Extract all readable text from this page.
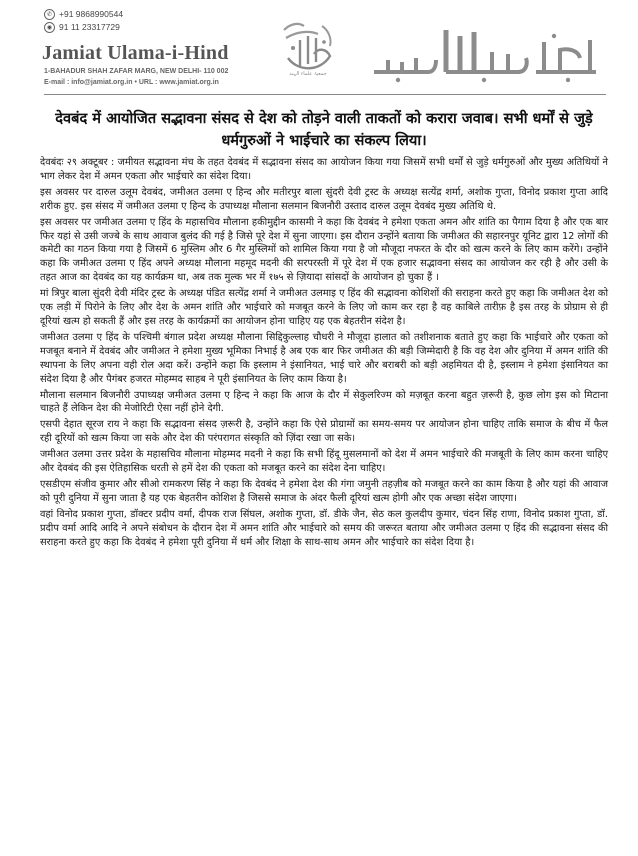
✆ +91 9868990544
◉ 91 11 23317729
Jamiat Ulama-i-Hind
1-BAHADUR SHAH ZAFAR MARG, NEW DELHI- 110 002
E-mail : info@jamiat.org.in • URL : www.jamiat.org.in
جمعیۃ علماء الہند
देवबंद में आयोजित सद्भावना संसद से देश को तोड़ने वाली ताकतों को करारा जवाब। सभी धर्मों से जुड़े धर्मगुरुओं ने भाईचारे का संकल्प लिया।

देवबंदः २९ अक्टूबर : जमीयत सद्भावना मंच के तहत देवबंद में सद्भावना संसद का आयोजन किया गया जिसमें सभी धर्मों से जुड़े धर्मगुरुओं और मुख्य अतिथियों ने भाग लेकर देश में अमन एकता और भाईचारे का संदेश दिया।

इस अवसर पर दारुल उलूम देवबंद, जमीअत उलमा ए हिन्द और मतीरपुर बाला सुंदरी देवी ट्रस्ट के अध्यक्ष सत्येंद्र शर्मा, अशोक गुप्ता, विनोद प्रकाश गुप्ता आदि शरीक हुए. इस संसद में जमीअत उलमा ए हिन्द के उपाध्यक्ष मौलाना सलमान बिजनौरी उस्ताद दारुल उलूम देवबंद मुख्य अतिथि थे.

इस अवसर पर जमीअत उलमा ए हिंद के महासचिव मौलाना हकीमुद्दीन कासमी ने कहा कि देवबंद ने हमेशा एकता अमन और शांति का पैगाम दिया है और एक बार फिर यहां से उसी जज्बे के साथ आवाज बुलंद की गई है जिसे पूरे देश में सुना जाएगा। इस दौरान उन्होंने बताया कि जमीअत की सहारनपुर यूनिट द्वारा 12 लोगों की कमेटी का गठन किया गया है जिसमें 6 मुस्लिम और 6 गैर मुस्लिमों को शामिल किया गया है जो मौजूदा नफरत के दौर को खत्म करने के लिए काम करेंगे। उन्होंने कहा कि जमीअत उलमा ए हिंद अपने अध्यक्ष मौलाना महमूद मदनी की सरपरस्ती में पूरे देश में एक हजार सद्भावना संसद का आयोजन कर रही है और उसी के तहत आज का देवबंद का यह कार्यक्रम था, अब तक मुल्क भर में १७५ से ज़ियादा सांसदों के आयोजन हो चुका हैं ।

मां त्रिपुर बाला सुंदरी देवी मंदिर ट्रस्ट के अध्यक्ष पंडित सत्येंद्र शर्मा ने जमीअत उलमाइ ए हिंद की सद्भावना कोशिशों की सराहना करते हुए कहा कि जमीअत देश को एक लड़ी में पिरोने के लिए और देश के अमन शांति और भाईचारे को मजबूत करने के लिए जो काम कर रहा है वह काबिले तारीफ़ है इस तरह के प्रोग्राम से ही दूरियां खत्म हो सकती हैं और इस तरह के कार्यक्रमों का आयोजन होना चाहिए यह एक बेहतरीन संदेश है।

जमीअत उलमा ए हिंद के पश्चिमी बंगाल प्रदेश अध्यक्ष मौलाना सिद्दिकुल्लाह चौधरी ने मौजूदा हालात को तशीशनाक बताते हुए कहा कि भाईचारे और एकता को मजबूत बनाने में देवबंद और जमीअत ने हमेशा मुख्य भूमिका निभाई है अब एक बार फिर जमीअत की बड़ी जिम्मेदारी है कि वह देश और दुनिया में अमन शांति की स्थापना के लिए अपना वही रोल अदा करें। उन्होंने कहा कि इस्लाम ने इंसानियत, भाई चारे और बराबरी को बड़ी अहमियत दी है, इस्लाम ने हमेशा इंसानियत का संदेश दिया है और पैगंबर हजरत मोहम्मद साहब ने पूरी इंसानियत के लिए काम किया है।

मौलाना सलमान बिजनौरी उपाध्यक्ष जमीअत उलमा ए हिन्द ने कहा कि आज के दौर में सेकुलरिज्म को मज़बूत करना बहुत ज़रूरी है, कुछ लोग इस को मिटाना चाहते हैं लेकिन देश की मेजोरिटी ऐसा नहीं होने देगी.

एसपी देहात सूरज राय ने कहा कि सद्भावना संसद ज़रूरी है, उन्होंने कहा कि ऐसे प्रोग्रामों का समय-समय पर आयोजन होना चाहिए ताकि समाज के बीच में फैल रही दूरियों को खत्म किया जा सके और देश की परंपरागत संस्कृति को ज़िंदा रखा जा सके।

जमीअत उलमा उत्तर प्रदेश के महासचिव मौलाना मोहम्मद मदनी ने कहा कि सभी हिंदू मुसलमानों को देश में अमन भाईचारे की मजबूती के लिए काम करना चाहिए और देवबंद की इस ऐतिहासिक धरती से हमें देश की एकता को मजबूत करने का संदेश देना चाहिए।

एसडीएम संजीव कुमार और सीओ रामकरण सिंह ने कहा कि देवबंद ने हमेशा देश की गंगा जमुनी तहज़ीब को मजबूत करने का काम किया है और यहां की आवाज को पूरी दुनिया में सुना जाता है यह एक बेहतरीन कोशिश है जिससे समाज के अंदर फैली दूरियां खत्म होगी और एक अच्छा संदेश जाएगा।

वहां विनोद प्रकाश गुप्ता, डॉक्टर प्रदीप वर्मा, दीपक राज सिंघल, अशोक गुप्ता, डॉ. डीके जैन, सेठ कल कुलदीप कुमार, चंदन सिंह राणा, विनोद प्रकाश गुप्ता, डॉ. प्रदीप वर्मा आदि आदि ने अपने संबोधन के दौरान देश में अमन शांति और भाईचारे को समय की जरूरत बताया और जमीअत उलमा ए हिंद की सद्भावना संसद की सराहना करते हुए कहा कि देवबंद ने हमेशा पूरी दुनिया में धर्म और शिक्षा के साथ-साथ अमन और भाईचारे का संदेश दिया है।
